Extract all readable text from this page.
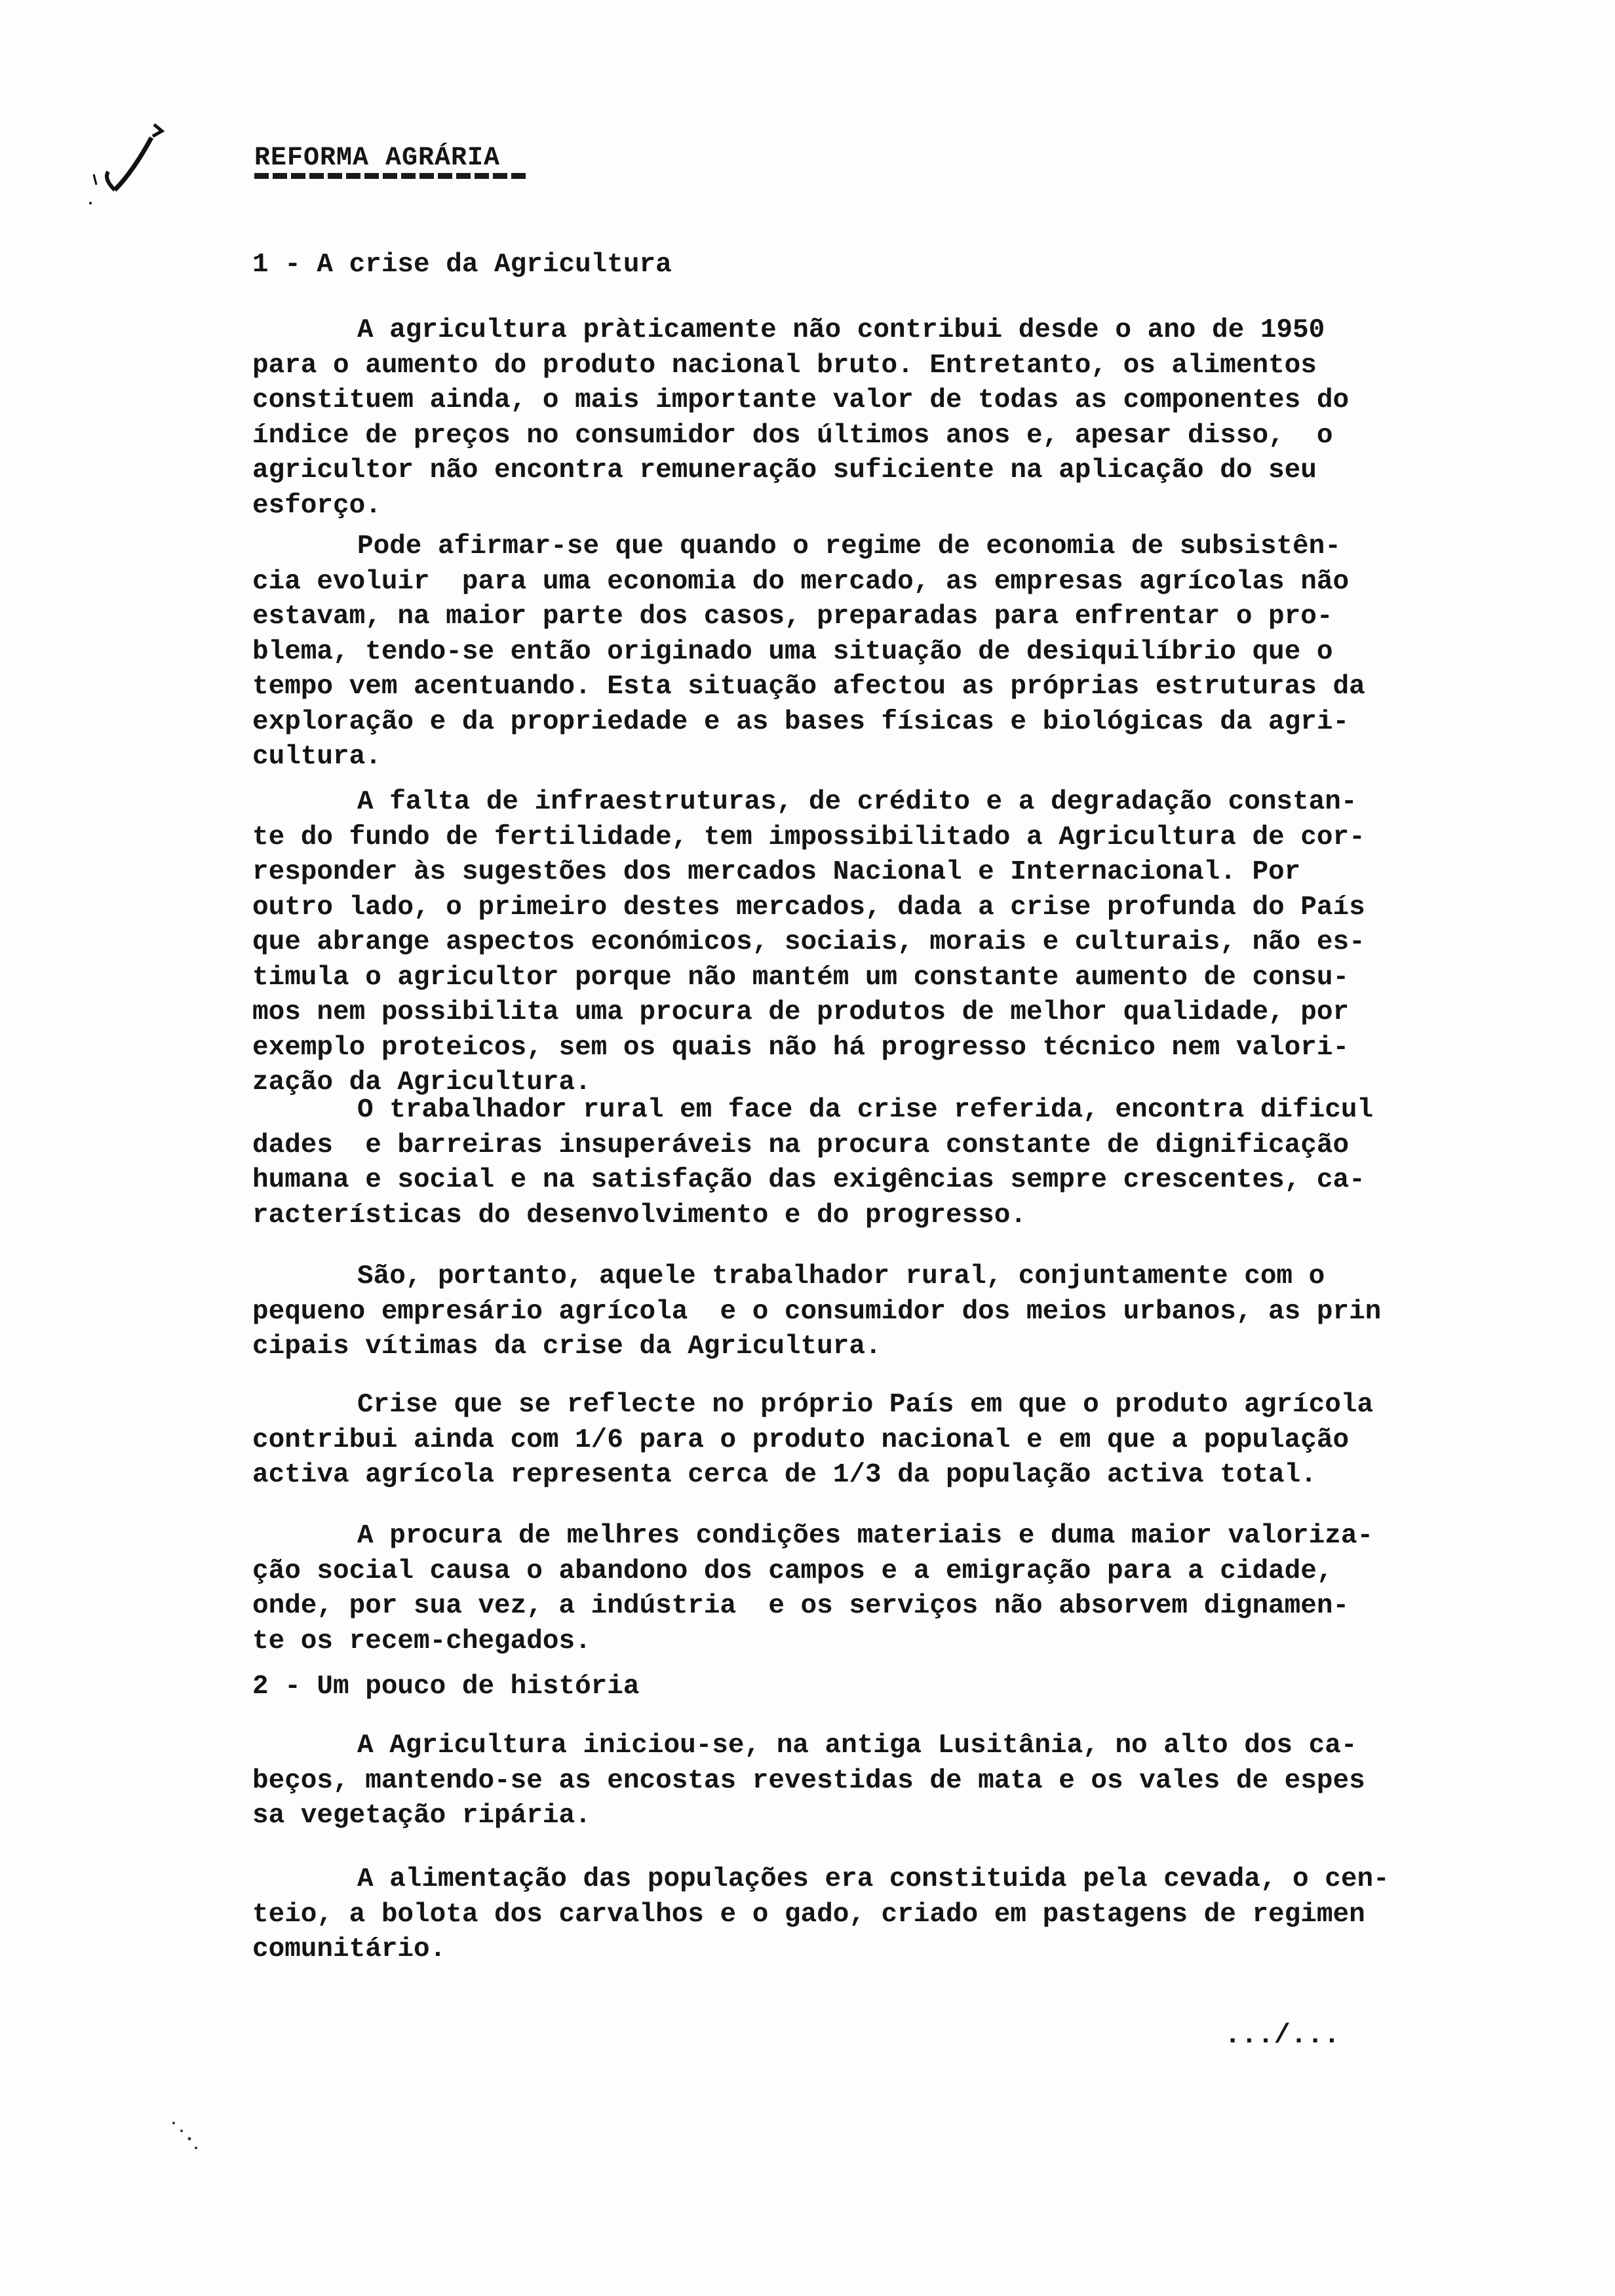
REFORMA AGRÁRIA
1 - A crise da Agricultura
A agricultura pràticamente não contribui desde o ano de 1950
para o aumento do produto nacional bruto. Entretanto, os alimentos
constituem ainda, o mais importante valor de todas as componentes do
índice de preços no consumidor dos últimos anos e, apesar disso,  o
agricultor não encontra remuneração suficiente na aplicação do seu
esforço.
Pode afirmar-se que quando o regime de economia de subsistên-
cia evoluir  para uma economia do mercado, as empresas agrícolas não
estavam, na maior parte dos casos, preparadas para enfrentar o pro-
blema, tendo-se então originado uma situação de desiquilíbrio que o
tempo vem acentuando. Esta situação afectou as próprias estruturas da
exploração e da propriedade e as bases físicas e biológicas da agri-
cultura.
A falta de infraestruturas, de crédito e a degradação constan-
te do fundo de fertilidade, tem impossibilitado a Agricultura de cor-
responder às sugestões dos mercados Nacional e Internacional. Por
outro lado, o primeiro destes mercados, dada a crise profunda do País
que abrange aspectos económicos, sociais, morais e culturais, não es-
timula o agricultor porque não mantém um constante aumento de consu-
mos nem possibilita uma procura de produtos de melhor qualidade, por
exemplo proteicos, sem os quais não há progresso técnico nem valori-
zação da Agricultura.
O trabalhador rural em face da crise referida, encontra dificul
dades  e barreiras insuperáveis na procura constante de dignificação
humana e social e na satisfação das exigências sempre crescentes, ca-
racterísticas do desenvolvimento e do progresso.
São, portanto, aquele trabalhador rural, conjuntamente com o
pequeno empresário agrícola  e o consumidor dos meios urbanos, as prin
cipais vítimas da crise da Agricultura.
Crise que se reflecte no próprio País em que o produto agrícola
contribui ainda com 1/6 para o produto nacional e em que a população
activa agrícola representa cerca de 1/3 da população activa total.
A procura de melhres condições materiais e duma maior valoriza-
ção social causa o abandono dos campos e a emigração para a cidade,
onde, por sua vez, a indústria  e os serviços não absorvem dignamen-
te os recem-chegados.
2 - Um pouco de história
A Agricultura iniciou-se, na antiga Lusitânia, no alto dos ca-
beços, mantendo-se as encostas revestidas de mata e os vales de espes
sa vegetação ripária.
A alimentação das populações era constituida pela cevada, o cen-
teio, a bolota dos carvalhos e o gado, criado em pastagens de regimen
comunitário.
.../...
